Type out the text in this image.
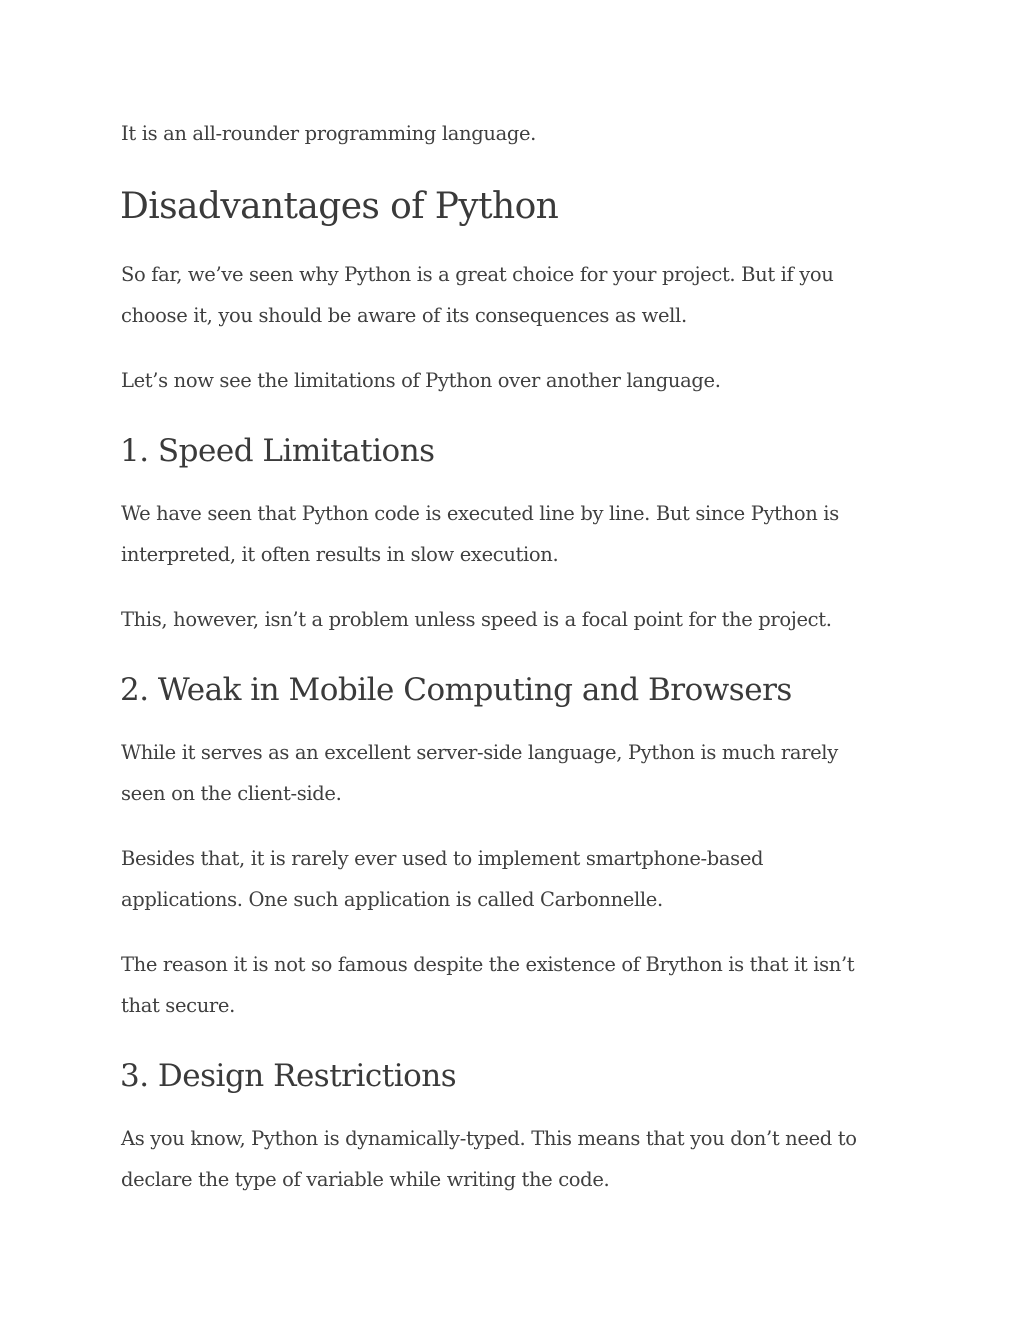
It is an all-rounder programming language.

Disadvantages of Python

So far, we’ve seen why Python is a great choice for your project. But if you
choose it, you should be aware of its consequences as well.

Let’s now see the limitations of Python over another language.

1. Speed Limitations

We have seen that Python code is executed line by line. But since Python is
interpreted, it often results in slow execution.

This, however, isn’t a problem unless speed is a focal point for the project.

2. Weak in Mobile Computing and Browsers

While it serves as an excellent server-side language, Python is much rarely
seen on the client-side.

Besides that, it is rarely ever used to implement smartphone-based
applications. One such application is called Carbonnelle.

The reason it is not so famous despite the existence of Brython is that it isn’t
that secure.

3. Design Restrictions

As you know, Python is dynamically-typed. This means that you don’t need to
declare the type of variable while writing the code.
